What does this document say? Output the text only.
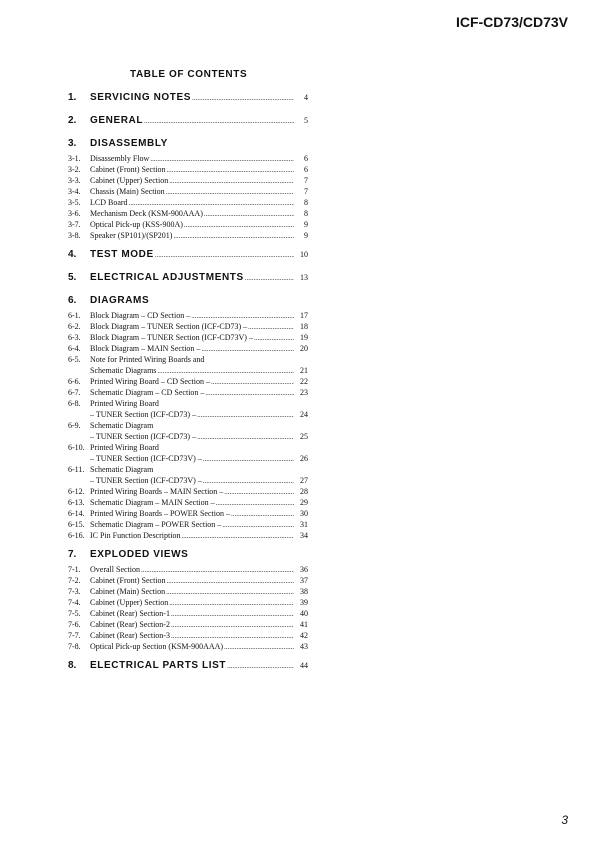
ICF-CD73/CD73V
TABLE OF CONTENTS
1.	SERVICING NOTES .....	4
2.	GENERAL .....	5
3.	DISASSEMBLY
3-1.	Disassembly Flow .....	6
3-2.	Cabinet (Front) Section .....	6
3-3.	Cabinet (Upper) Section .....	7
3-4.	Chassis (Main) Section .....	7
3-5.	LCD Board .....	8
3-6.	Mechanism Deck (KSM-900AAA) .....	8
3-7.	Optical Pick-up (KSS-900A) .....	9
3-8.	Speaker (SP101)/(SP201) .....	9
4.	TEST MODE .....	10
5.	ELECTRICAL ADJUSTMENTS .....	13
6.	DIAGRAMS
6-1.	Block Diagram – CD Section – .....	17
6-2.	Block Diagram – TUNER Section (ICF-CD73) – .....	18
6-3.	Block Diagram – TUNER Section (ICF-CD73V) – .....	19
6-4.	Block Diagram – MAIN Section – .....	20
6-5.	Note for Printed Wiring Boards and
Schematic Diagrams .....	21
6-6.	Printed Wiring Board – CD Section – .....	22
6-7.	Schematic Diagram – CD Section – .....	23
6-8.	Printed Wiring Board
– TUNER Section (ICF-CD73) – .....	24
6-9.	Schematic Diagram
– TUNER Section (ICF-CD73) – .....	25
6-10. Printed Wiring Board
– TUNER Section (ICF-CD73V) – .....	26
6-11. Schematic Diagram
– TUNER Section (ICF-CD73V) – .....	27
6-12. Printed Wiring Boards – MAIN Section – .....	28
6-13. Schematic Diagram – MAIN Section – .....	29
6-14. Printed Wiring Boards – POWER Section – .....	30
6-15. Schematic Diagram – POWER Section – .....	31
6-16. IC Pin Function Description .....	34
7.	EXPLODED VIEWS
7-1.	Overall Section .....	36
7-2.	Cabinet (Front) Section .....	37
7-3.	Cabinet (Main) Section .....	38
7-4.	Cabinet (Upper) Section .....	39
7-5.	Cabinet (Rear) Section-1 .....	40
7-6.	Cabinet (Rear) Section-2 .....	41
7-7.	Cabinet (Rear) Section-3 .....	42
7-8.	Optical Pick-up Section (KSM-900AAA) .....	43
8.	ELECTRICAL PARTS LIST .....	44
3
